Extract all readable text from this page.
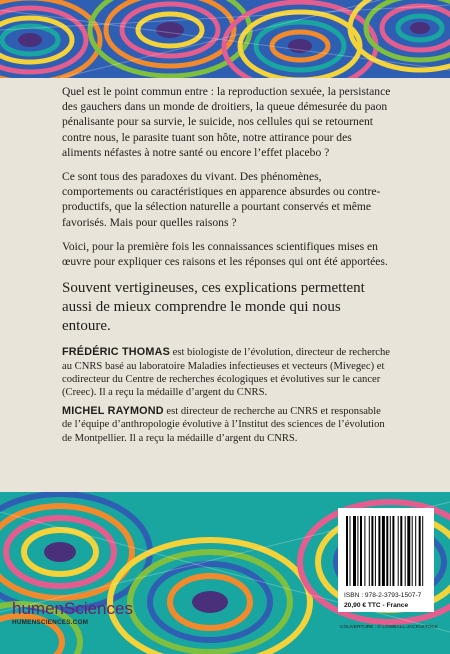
Quel est le point commun entre : la reproduction sexuée, la persistance des gauchers dans un monde de droitiers, la queue démesurée du paon pénalisante pour sa survie, le suicide, nos cellules qui se retournent contre nous, le parasite tuant son hôte, notre attirance pour des aliments néfastes à notre santé ou encore l’effet placebo ?

Ce sont tous des paradoxes du vivant. Des phénomènes, comportements ou caractéristiques en apparence absurdes ou contre-productifs, que la sélection naturelle a pourtant conservés et même favorisés. Mais pour quelles raisons ?

Voici, pour la première fois les connaissances scientifiques mises en œuvre pour expliquer ces raisons et les réponses qui ont été apportées.

Souvent vertigineuses, ces explications permettent aussi de mieux comprendre le monde qui nous entoure.

FRÉDÉRIC THOMAS est biologiste de l’évolution, directeur de recherche au CNRS basé au laboratoire Maladies infectieuses et vecteurs (Mivegec) et codirecteur du Centre de recherches écologiques et évolutives sur le cancer (Creec). Il a reçu la médaille d’argent du CNRS.

MICHEL RAYMOND est directeur de recherche au CNRS et responsable de l’équipe d’anthropologie évolutive à l’Institut des sciences de l’évolution de Montpellier. Il a reçu la médaille d’argent du CNRS.

ISBN : 978-2-3793-1507-7
20,90 € TTC - France
humenSciences
HUMENSCIENCES.COM
COUVERTURE : © LOWBALL-JACK/ISTOCK
